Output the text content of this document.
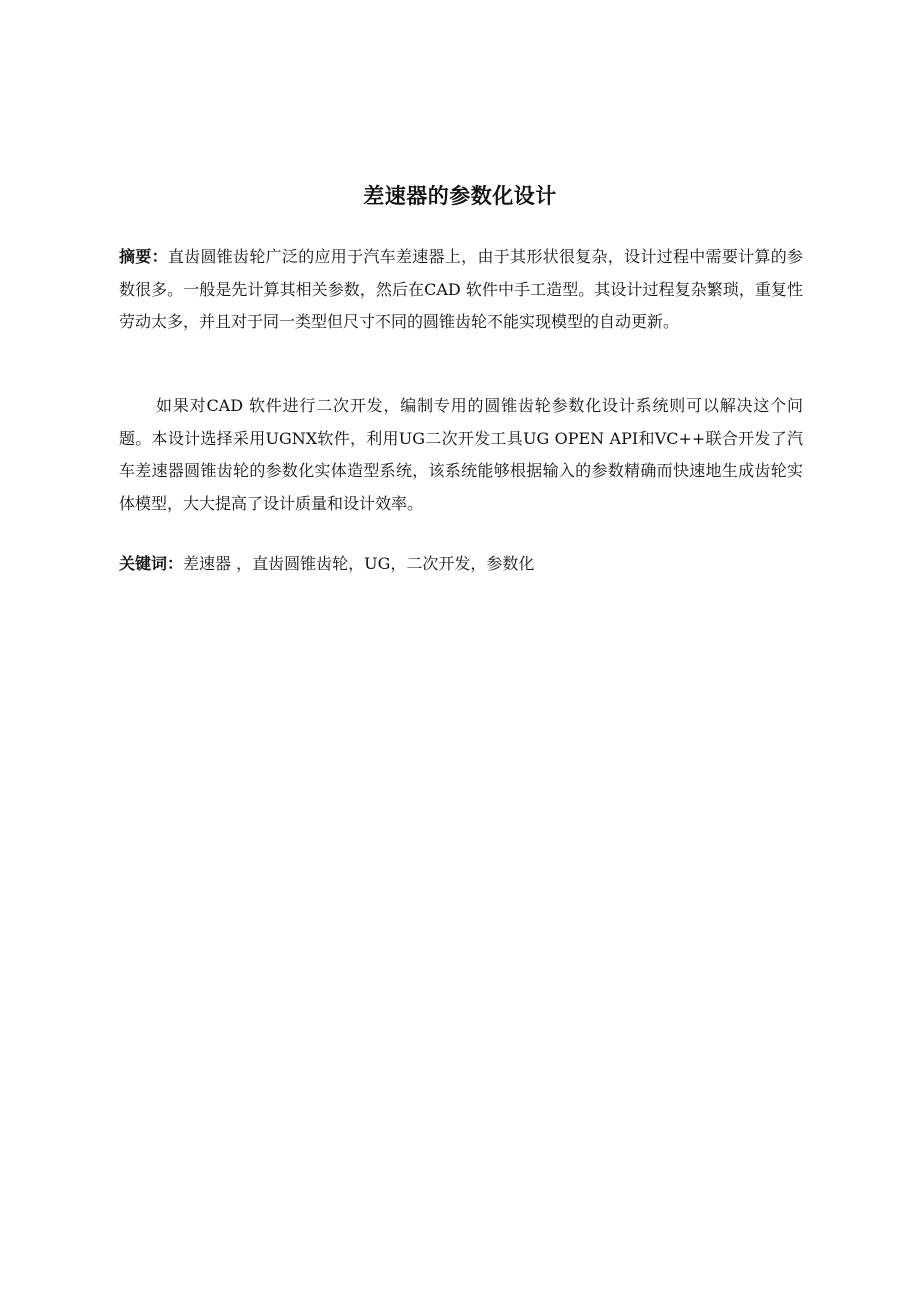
差速器的参数化设计

摘要：直齿圆锥齿轮广泛的应用于汽车差速器上，由于其形状很复杂，设计过程中需要计算的参数很多。一般是先计算其相关参数，然后在CAD 软件中手工造型。其设计过程复杂繁琐，重复性劳动太多，并且对于同一类型但尺寸不同的圆锥齿轮不能实现模型的自动更新。

如果对CAD 软件进行二次开发，编制专用的圆锥齿轮参数化设计系统则可以解决这个问题。本设计选择采用UGNX软件，利用UG二次开发工具UG OPEN API和VC++联合开发了汽车差速器圆锥齿轮的参数化实体造型系统，该系统能够根据输入的参数精确而快速地生成齿轮实体模型，大大提高了设计质量和设计效率。

关键词：差速器 ，直齿圆锥齿轮，UG，二次开发，参数化
